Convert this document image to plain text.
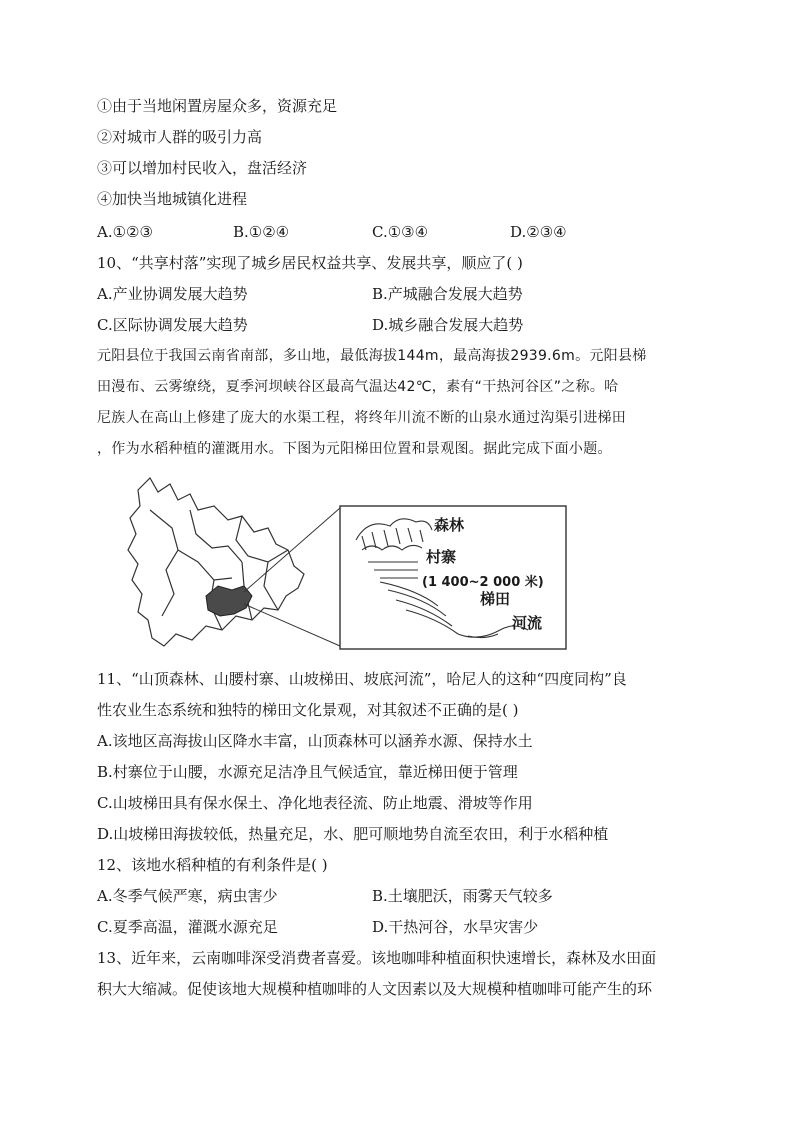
①由于当地闲置房屋众多，资源充足
②对城市人群的吸引力高
③可以增加村民收入，盘活经济
④加快当地城镇化进程
A.①②③	B.①②④	C.①③④	D.②③④
10、“共享村落”实现了城乡居民权益共享、发展共享，顺应了( )
A.产业协调发展大趋势	B.产城融合发展大趋势
C.区际协调发展大趋势	D.城乡融合发展大趋势
元阳县位于我国云南省南部，多山地，最低海拔144m，最高海拔2939.6m。元阳县梯
田漫布、云雾缭绕，夏季河坝峡谷区最高气温达42℃，素有“干热河谷区”之称。哈
尼族人在高山上修建了庞大的水渠工程，将终年川流不断的山泉水通过沟渠引进梯田
，作为水稻种植的灌溉用水。下图为元阳梯田位置和景观图。据此完成下面小题。
森林
村寨
(1 400~2 000 米)
梯田
河流
11、“山顶森林、山腰村寨、山坡梯田、坡底河流”，哈尼人的这种“四度同构”良
性农业生态系统和独特的梯田文化景观，对其叙述不正确的是( )
A.该地区高海拔山区降水丰富，山顶森林可以涵养水源、保持水土
B.村寨位于山腰，水源充足洁净且气候适宜，靠近梯田便于管理
C.山坡梯田具有保水保土、净化地表径流、防止地震、滑坡等作用
D.山坡梯田海拔较低，热量充足，水、肥可顺地势自流至农田，利于水稻种植
12、该地水稻种植的有利条件是( )
A.冬季气候严寒，病虫害少	B.土壤肥沃，雨雾天气较多
C.夏季高温，灌溉水源充足	D.干热河谷，水旱灾害少
13、近年来，云南咖啡深受消费者喜爱。该地咖啡种植面积快速增长，森林及水田面
积大大缩减。促使该地大规模种植咖啡的人文因素以及大规模种植咖啡可能产生的环
